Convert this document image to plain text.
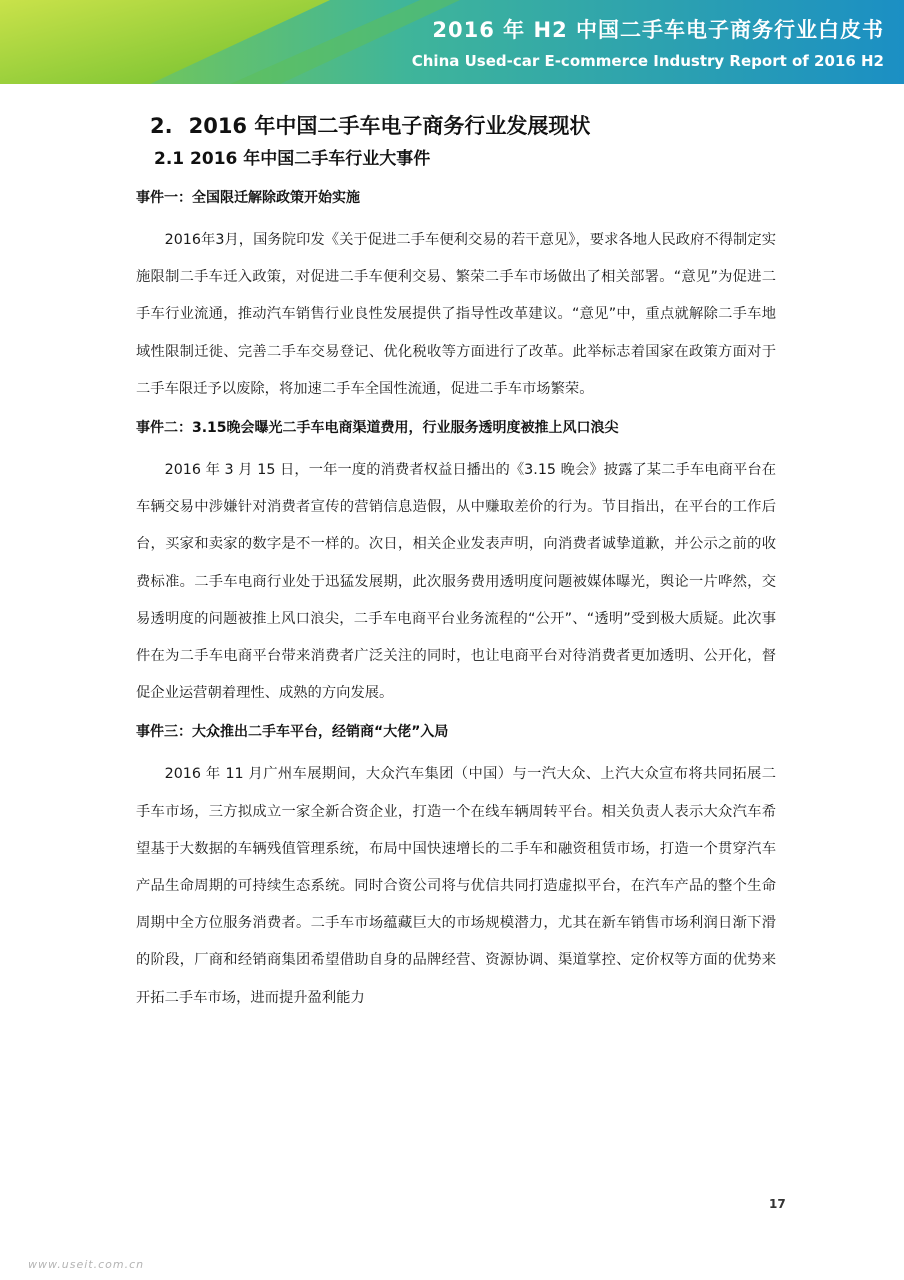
2016 年 H2 中国二手车电子商务行业白皮书
China Used-car E-commerce Industry Report of 2016 H2
2. 2016 年中国二手车电子商务行业发展现状
2.1 2016 年中国二手车行业大事件
事件一：全国限迁解除政策开始实施

2016年3月，国务院印发《关于促进二手车便利交易的若干意见》，要求各地人民政府不得制定实施限制二手车迁入政策，对促进二手车便利交易、繁荣二手车市场做出了相关部署。“意见”为促进二手车行业流通，推动汽车销售行业良性发展提供了指导性改革建议。“意见”中，重点就解除二手车地域性限制迁徙、完善二手车交易登记、优化税收等方面进行了改革。此举标志着国家在政策方面对于二手车限迁予以废除，将加速二手车全国性流通，促进二手车市场繁荣。

事件二：3.15晚会曝光二手车电商渠道费用，行业服务透明度被推上风口浪尖

2016 年 3 月 15 日，一年一度的消费者权益日播出的《3.15 晚会》披露了某二手车电商平台在车辆交易中涉嫌针对消费者宣传的营销信息造假，从中赚取差价的行为。节目指出，在平台的工作后台，买家和卖家的数字是不一样的。次日，相关企业发表声明，向消费者诚挚道歉，并公示之前的收费标准。二手车电商行业处于迅猛发展期，此次服务费用透明度问题被媒体曝光，舆论一片哗然，交易透明度的问题被推上风口浪尖，二手车电商平台业务流程的“公开”、“透明”受到极大质疑。此次事件在为二手车电商平台带来消费者广泛关注的同时，也让电商平台对待消费者更加透明、公开化，督促企业运营朝着理性、成熟的方向发展。

事件三：大众推出二手车平台，经销商“大佬”入局

2016 年 11 月广州车展期间，大众汽车集团（中国）与一汽大众、上汽大众宣布将共同拓展二手车市场，三方拟成立一家全新合资企业，打造一个在线车辆周转平台。相关负责人表示大众汽车希望基于大数据的车辆残值管理系统，布局中国快速增长的二手车和融资租赁市场，打造一个贯穿汽车产品生命周期的可持续生态系统。同时合资公司将与优信共同打造虚拟平台，在汽车产品的整个生命周期中全方位服务消费者。二手车市场蕴藏巨大的市场规模潜力，尤其在新车销售市场利润日渐下滑的阶段，厂商和经销商集团希望借助自身的品牌经营、资源协调、渠道掌控、定价权等方面的优势来开拓二手车市场，进而提升盈利能力

17
www.useit.com.cn
